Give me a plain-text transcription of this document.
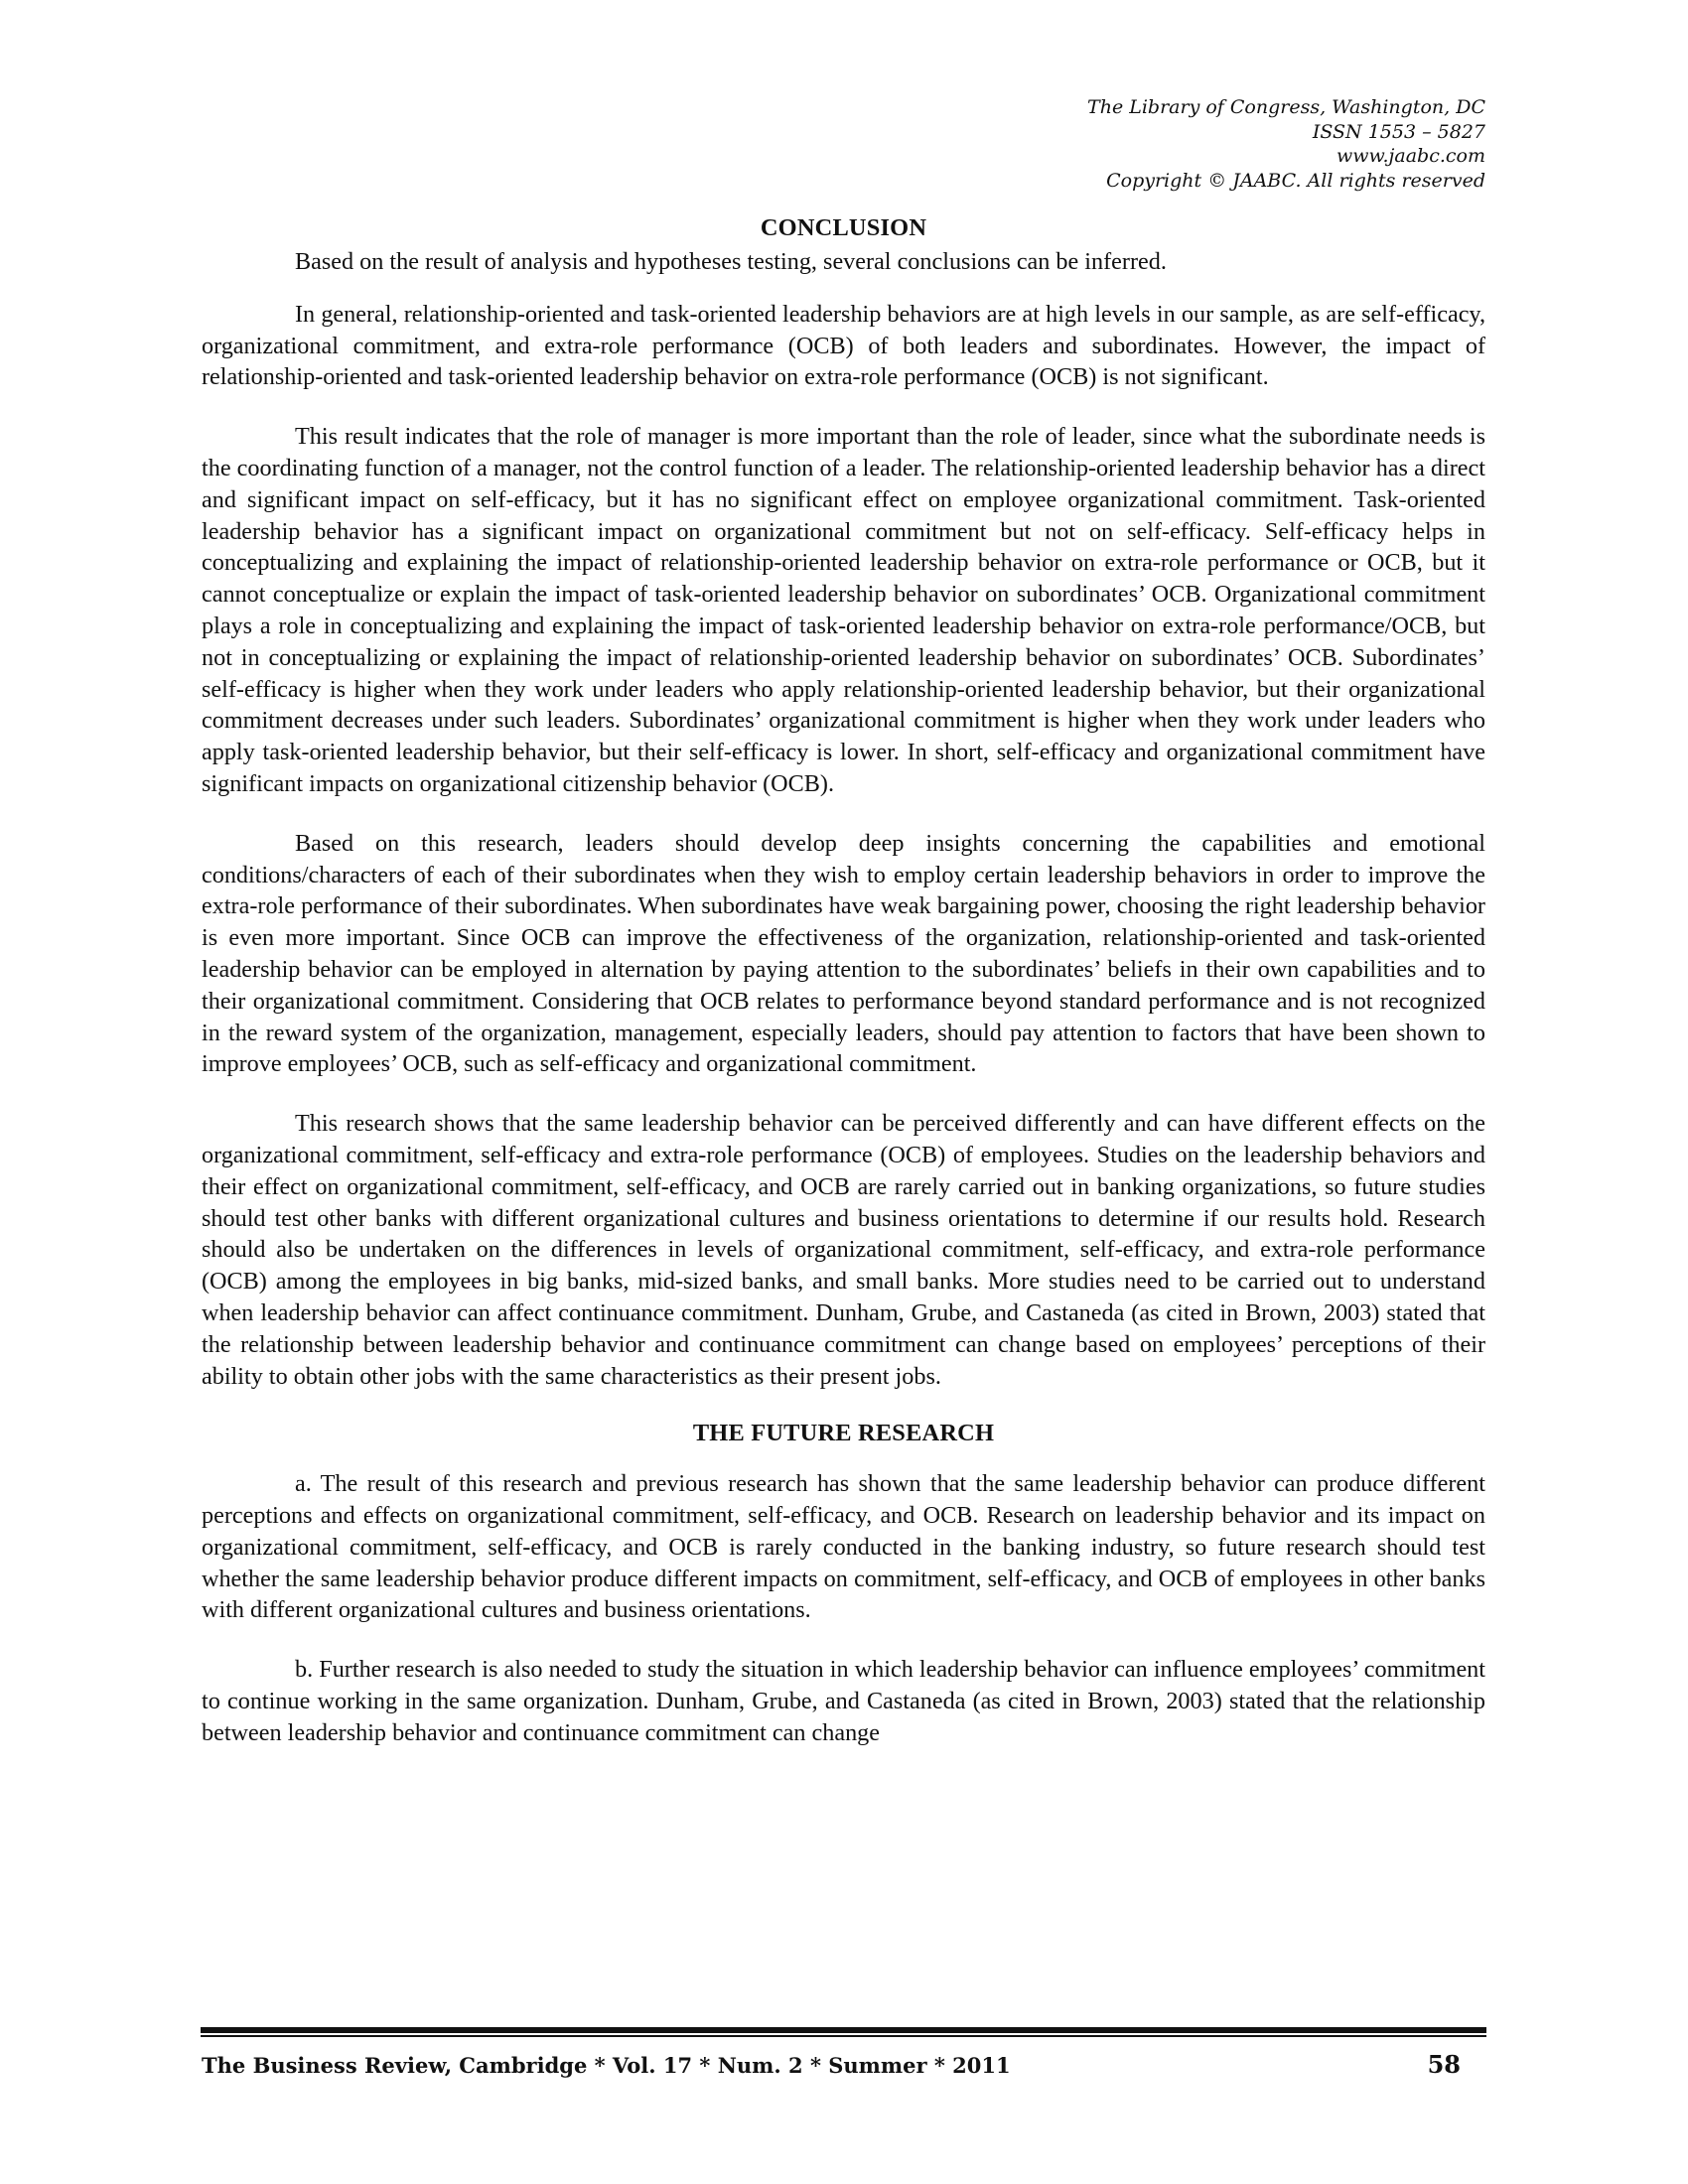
The Library of Congress, Washington, DC
ISSN 1553 – 5827
www.jaabc.com
Copyright © JAABC. All rights reserved
CONCLUSION

Based on the result of analysis and hypotheses testing, several conclusions can be inferred.

In general, relationship-oriented and task-oriented leadership behaviors are at high levels in our sample, as are self-efficacy, organizational commitment, and extra-role performance (OCB) of both leaders and subordinates. However, the impact of relationship-oriented and task-oriented leadership behavior on extra-role performance (OCB) is not significant.

This result indicates that the role of manager is more important than the role of leader, since what the subordinate needs is the coordinating function of a manager, not the control function of a leader. The relationship-oriented leadership behavior has a direct and significant impact on self-efficacy, but it has no significant effect on employee organizational commitment. Task-oriented leadership behavior has a significant impact on organizational commitment but not on self-efficacy. Self-efficacy helps in conceptualizing and explaining the impact of relationship-oriented leadership behavior on extra-role performance or OCB, but it cannot conceptualize or explain the impact of task-oriented leadership behavior on subordinates’ OCB. Organizational commitment plays a role in conceptualizing and explaining the impact of task-oriented leadership behavior on extra-role performance/OCB, but not in conceptualizing or explaining the impact of relationship-oriented leadership behavior on subordinates’ OCB. Subordinates’ self-efficacy is higher when they work under leaders who apply relationship-oriented leadership behavior, but their organizational commitment decreases under such leaders. Subordinates’ organizational commitment is higher when they work under leaders who apply task-oriented leadership behavior, but their self-efficacy is lower. In short, self-efficacy and organizational commitment have significant impacts on organizational citizenship behavior (OCB).

Based on this research, leaders should develop deep insights concerning the capabilities and emotional conditions/characters of each of their subordinates when they wish to employ certain leadership behaviors in order to improve the extra-role performance of their subordinates. When subordinates have weak bargaining power, choosing the right leadership behavior is even more important. Since OCB can improve the effectiveness of the organization, relationship-oriented and task-oriented leadership behavior can be employed in alternation by paying attention to the subordinates’ beliefs in their own capabilities and to their organizational commitment. Considering that OCB relates to performance beyond standard performance and is not recognized in the reward system of the organization, management, especially leaders, should pay attention to factors that have been shown to improve employees’ OCB, such as self-efficacy and organizational commitment.

This research shows that the same leadership behavior can be perceived differently and can have different effects on the organizational commitment, self-efficacy and extra-role performance (OCB) of employees. Studies on the leadership behaviors and their effect on organizational commitment, self-efficacy, and OCB are rarely carried out in banking organizations, so future studies should test other banks with different organizational cultures and business orientations to determine if our results hold. Research should also be undertaken on the differences in levels of organizational commitment, self-efficacy, and extra-role performance (OCB) among the employees in big banks, mid-sized banks, and small banks. More studies need to be carried out to understand when leadership behavior can affect continuance commitment. Dunham, Grube, and Castaneda (as cited in Brown, 2003) stated that the relationship between leadership behavior and continuance commitment can change based on employees’ perceptions of their ability to obtain other jobs with the same characteristics as their present jobs.

THE FUTURE RESEARCH

a. The result of this research and previous research has shown that the same leadership behavior can produce different perceptions and effects on organizational commitment, self-efficacy, and OCB. Research on leadership behavior and its impact on organizational commitment, self-efficacy, and OCB is rarely conducted in the banking industry, so future research should test whether the same leadership behavior produce different impacts on commitment, self-efficacy, and OCB of employees in other banks with different organizational cultures and business orientations.

b. Further research is also needed to study the situation in which leadership behavior can influence employees’ commitment to continue working in the same organization. Dunham, Grube, and Castaneda (as cited in Brown, 2003) stated that the relationship between leadership behavior and continuance commitment can change

The Business Review, Cambridge * Vol. 17 * Num. 2 * Summer * 2011	58
